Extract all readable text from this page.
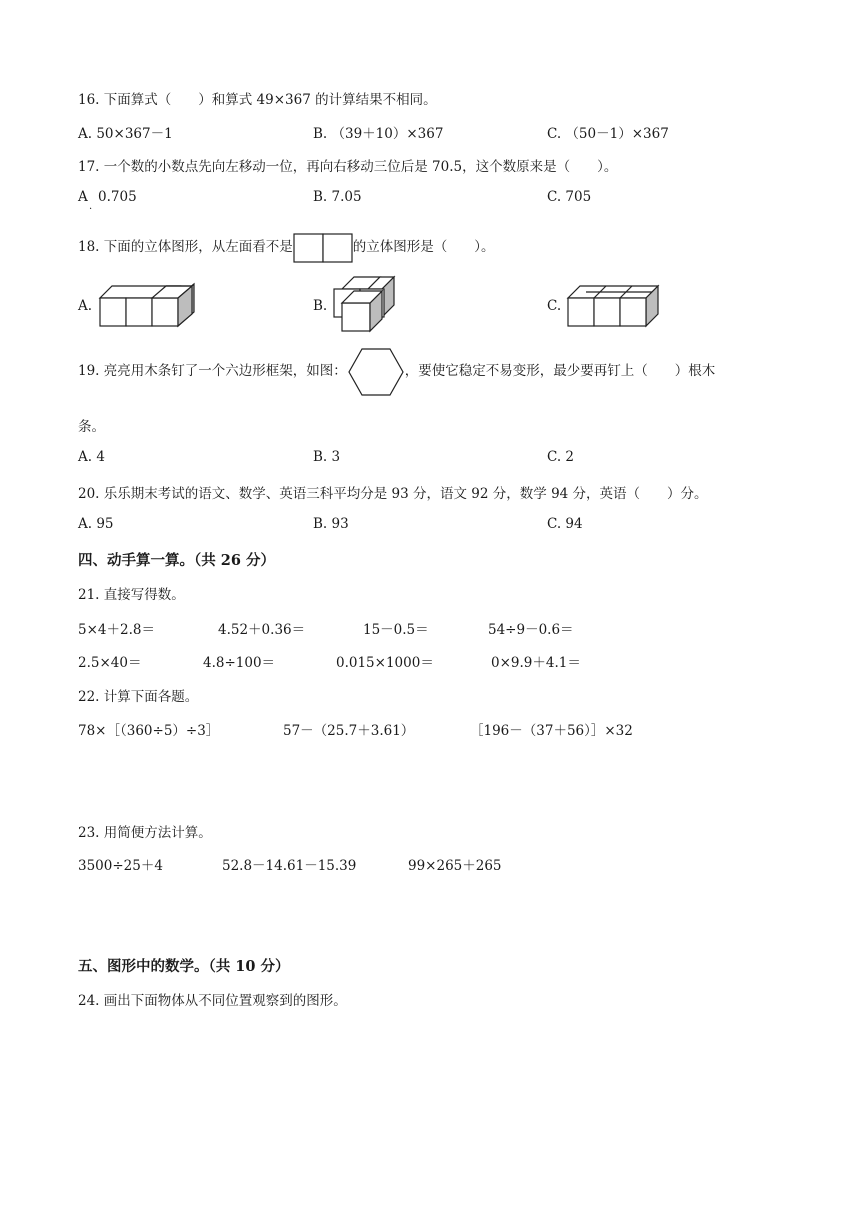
16. 下面算式（　　）和算式 49×367 的计算结果不相同。
A. 50×367－1	B. （39＋10）×367	C. （50－1）×367
17. 一个数的小数点先向左移动一位，再向右移动三位后是 70.5，这个数原来是（　　）。
A
.
0.705	B. 7.05	C. 705
18. 下面的立体图形，从左面看不是	的立体图形是（　　）。
A.	B.	C.
19. 亮亮用木条钉了一个六边形框架，如图：	，要使它稳定不易变形，最少要再钉上（　　）根木
条。
A. 4	B. 3	C. 2
20. 乐乐期末考试的语文、数学、英语三科平均分是 93 分，语文 92 分，数学 94 分，英语（　　）分。
A. 95	B. 93	C. 94
四、动手算一算。（共 26 分）
21. 直接写得数。
5×4＋2.8＝	4.52＋0.36＝	15－0.5＝	54÷9－0.6＝
2.5×40＝	4.8÷100＝	0.015×1000＝	0×9.9＋4.1＝
22. 计算下面各题。
78×［（360÷5）÷3］	57－（25.7＋3.61）	［196－（37＋56）］×32
23. 用简便方法计算。
3500÷25＋4	52.8－14.61－15.39	99×265＋265
五、图形中的数学。（共 10 分）
24. 画出下面物体从不同位置观察到的图形。
